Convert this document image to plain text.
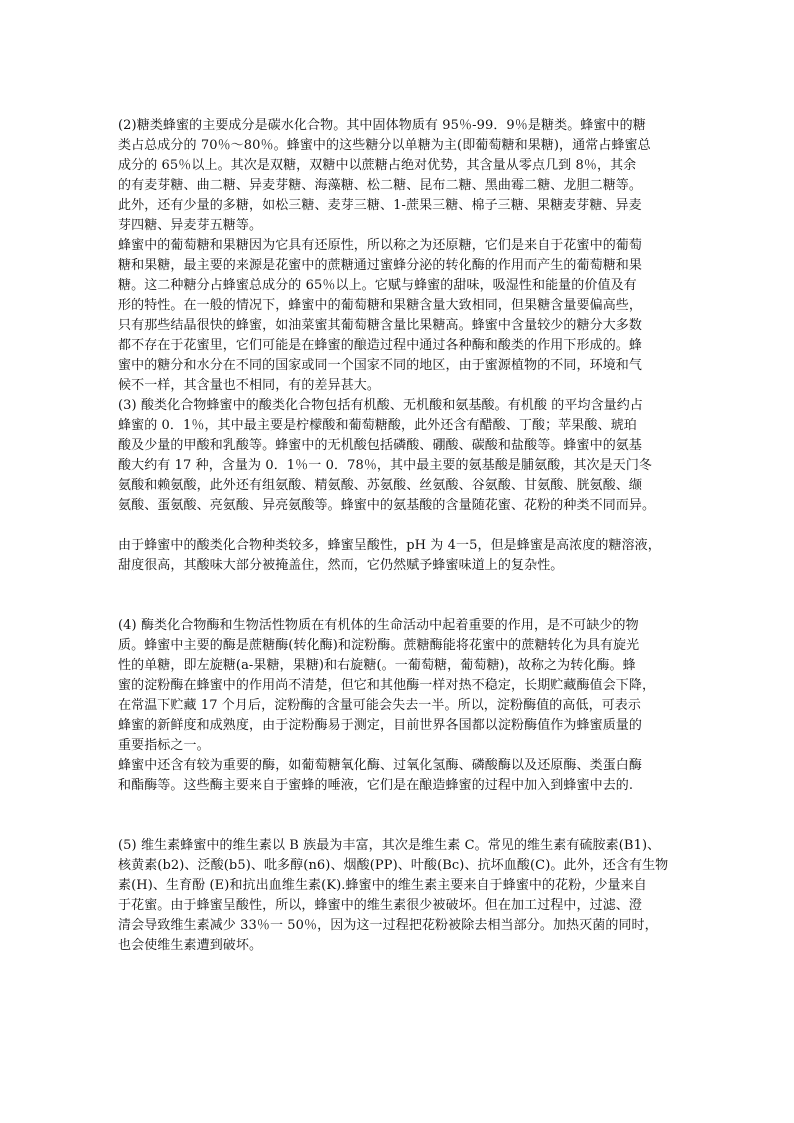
(2)糖类蜂蜜的主要成分是碳水化合物。其中固体物质有 95％-99．9％是糖类。蜂蜜中的糖
类占总成分的 70％～80％。蜂蜜中的这些糖分以单糖为主(即葡萄糖和果糖)，通常占蜂蜜总
成分的 65％以上。其次是双糖，双糖中以蔗糖占绝对优势，其含量从零点几到 8％，其余
的有麦芽糖、曲二糖、异麦芽糖、海藻糖、松二糖、昆布二糖、黑曲霉二糖、龙胆二糖等。
此外，还有少量的多糖，如松三糖、麦芽三糖、1-蔗果三糖、棉子三糖、果糖麦芽糖、异麦
芽四糖、异麦芽五糖等。
蜂蜜中的葡萄糖和果糖因为它具有还原性，所以称之为还原糖，它们是来自于花蜜中的葡萄
糖和果糖，最主要的来源是花蜜中的蔗糖通过蜜蜂分泌的转化酶的作用而产生的葡萄糖和果
糖。这二种糖分占蜂蜜总成分的 65％以上。它赋与蜂蜜的甜味，吸湿性和能量的价值及有
形的特性。在一般的情况下，蜂蜜中的葡萄糖和果糖含量大致相同，但果糖含量要偏高些，
只有那些结晶很快的蜂蜜，如油菜蜜其葡萄糖含量比果糖高。蜂蜜中含量较少的糖分大多数
都不存在于花蜜里，它们可能是在蜂蜜的酿造过程中通过各种酶和酸类的作用下形成的。蜂
蜜中的糖分和水分在不同的国家或同一个国家不同的地区，由于蜜源植物的不同，环境和气
候不一样，其含量也不相同，有的差异甚大。
(3) 酸类化合物蜂蜜中的酸类化合物包括有机酸、无机酸和氨基酸。有机酸 的平均含量约占
蜂蜜的 0．1％，其中最主要是柠檬酸和葡萄糖酸，此外还含有醋酸、丁酸；苹果酸、琥珀
酸及少量的甲酸和乳酸等。蜂蜜中的无机酸包括磷酸、硼酸、碳酸和盐酸等。蜂蜜中的氨基
酸大约有 17 种，含量为 0．1％一 0．78％，其中最主要的氨基酸是脯氨酸，其次是天门冬
氨酸和赖氨酸，此外还有组氨酸、精氨酸、苏氨酸、丝氨酸、谷氨酸、甘氨酸、胱氨酸、缬
氨酸、蛋氨酸、亮氨酸、异亮氨酸等。蜂蜜中的氨基酸的含量随花蜜、花粉的种类不同而异。
由于蜂蜜中的酸类化合物种类较多，蜂蜜呈酸性，pH 为 4一5，但是蜂蜜是高浓度的糖溶液，
甜度很高，其酸味大部分被掩盖住，然而，它仍然赋予蜂蜜味道上的复杂性。
(4) 酶类化合物酶和生物活性物质在有机体的生命活动中起着重要的作用，是不可缺少的物
质。蜂蜜中主要的酶是蔗糖酶(转化酶)和淀粉酶。蔗糖酶能将花蜜中的蔗糖转化为具有旋光
性的单糖，即左旋糖(a-果糖，果糖)和右旋糖(。一葡萄糖，葡萄糖)，故称之为转化酶。蜂
蜜的淀粉酶在蜂蜜中的作用尚不清楚，但它和其他酶一样对热不稳定，长期贮藏酶值会下降，
在常温下贮藏 17 个月后，淀粉酶的含量可能会失去一半。所以，淀粉酶值的高低，可表示
蜂蜜的新鲜度和成熟度，由于淀粉酶易于测定，目前世界各国都以淀粉酶值作为蜂蜜质量的
重要指标之一。
蜂蜜中还含有较为重要的酶，如葡萄糖氧化酶、过氧化氢酶、磷酸酶以及还原酶、类蛋白酶
和酯酶等。这些酶主要来自于蜜蜂的唾液，它们是在酿造蜂蜜的过程中加入到蜂蜜中去的.
(5) 维生素蜂蜜中的维生素以 B 族最为丰富，其次是维生素 C。常见的维生素有硫胺素(B1)、
核黄素(b2)、泛酸(b5)、吡多醇(n6)、烟酸(PP)、叶酸(Bc)、抗坏血酸(C)。此外，还含有生物
素(H)、生育酚 (E)和抗出血维生素(K).蜂蜜中的维生素主要来自于蜂蜜中的花粉，少量来自
于花蜜。由于蜂蜜呈酸性，所以，蜂蜜中的维生素很少被破坏。但在加工过程中，过滤、澄
清会导致维生素减少 33％一 50％，因为这一过程把花粉被除去相当部分。加热灭菌的同时，
也会使维生素遭到破坏。
